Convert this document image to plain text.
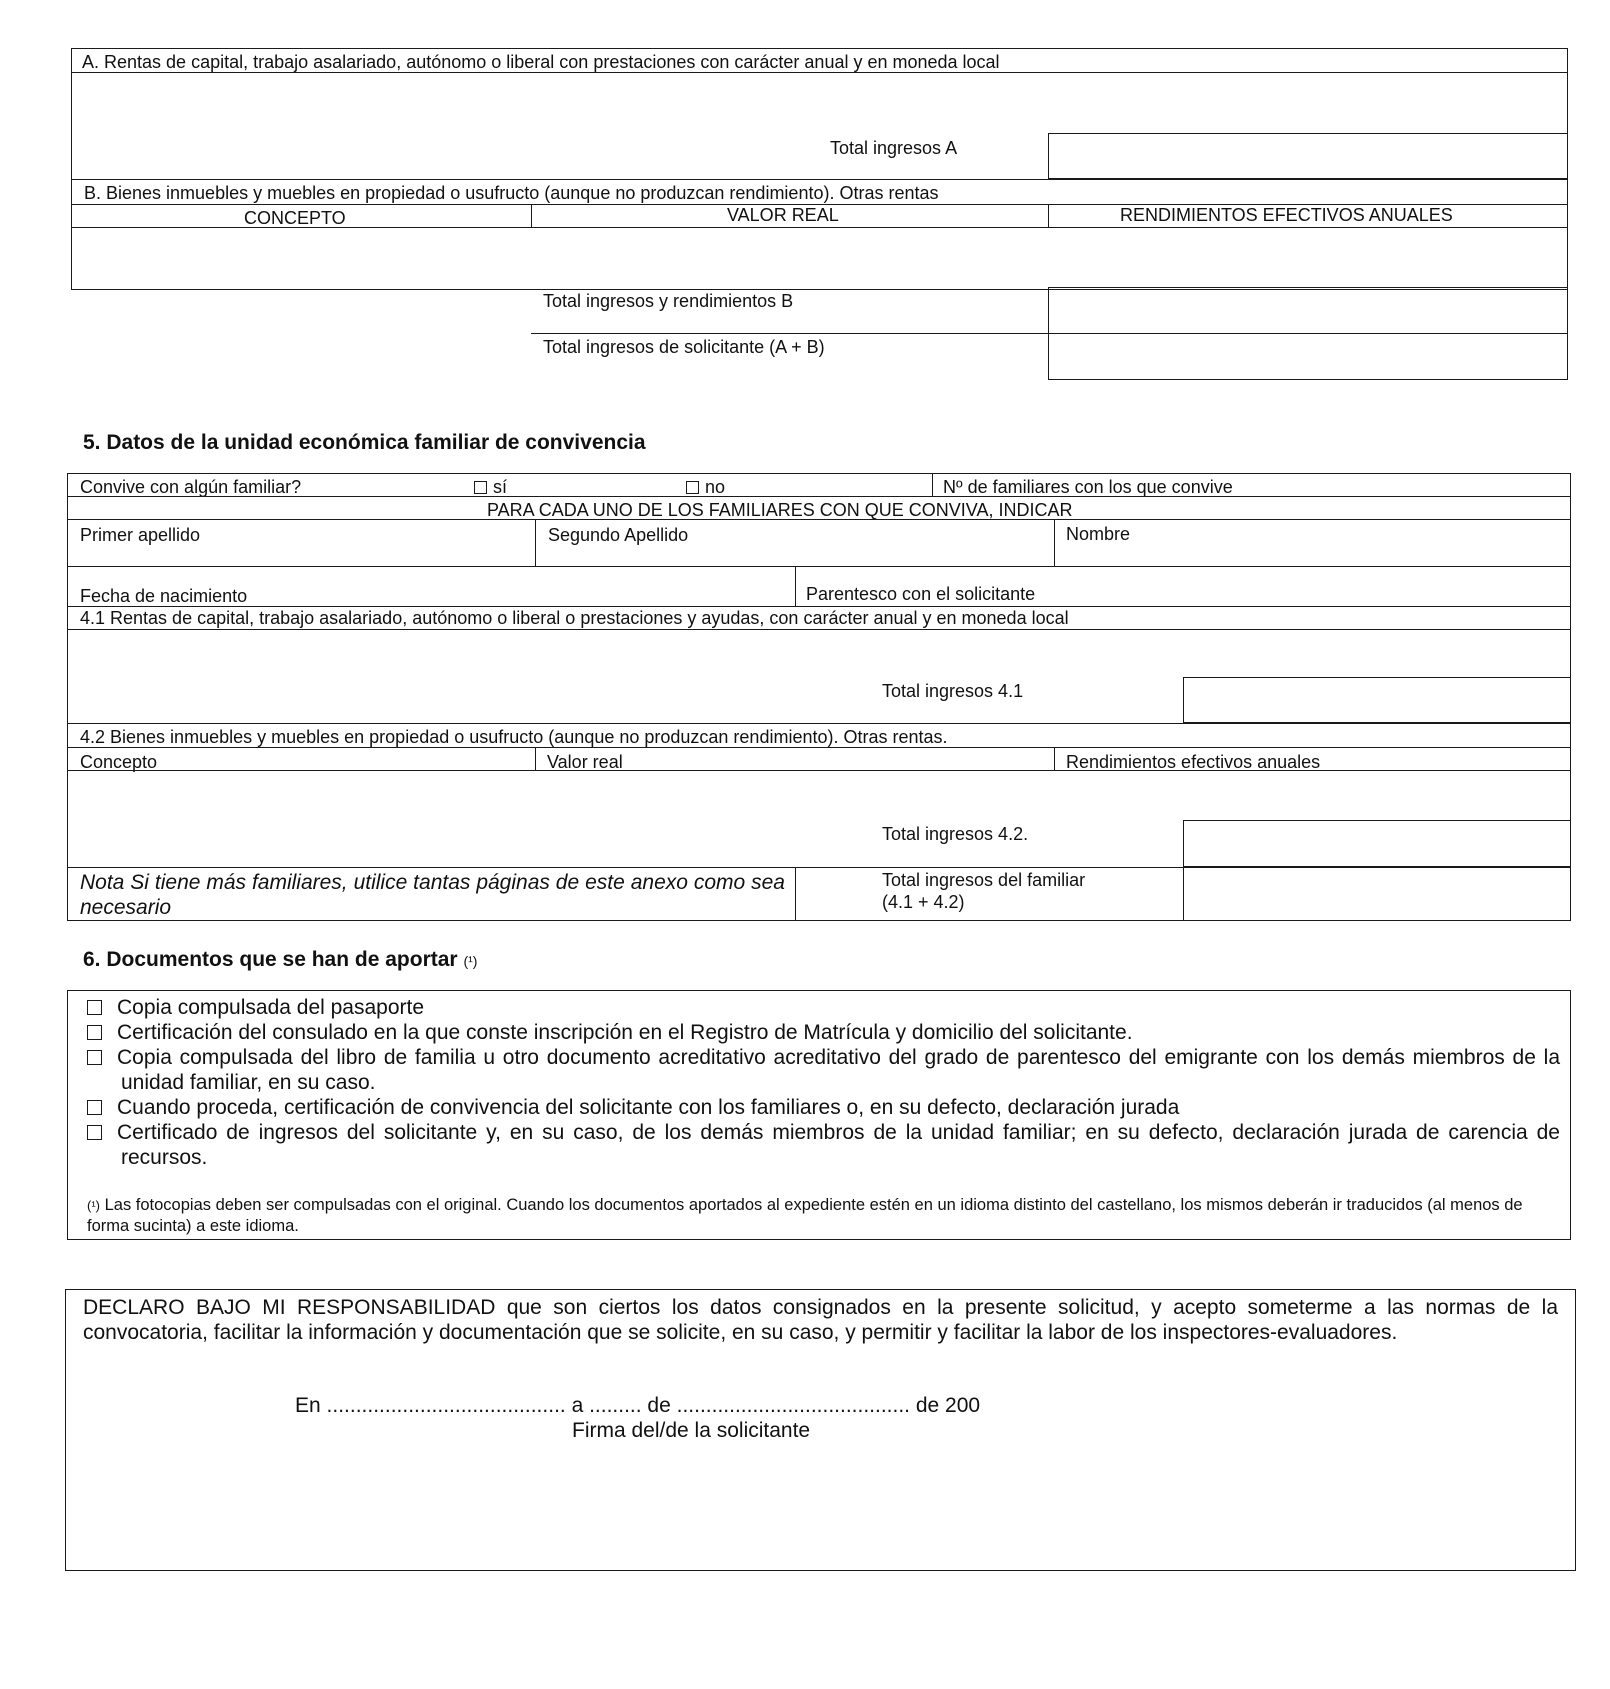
A. Rentas de capital, trabajo asalariado, autónomo o liberal con prestaciones con carácter anual y en moneda local
Total ingresos A
B. Bienes inmuebles y muebles en propiedad o usufructo (aunque no produzcan rendimiento). Otras rentas
CONCEPTO	VALOR REAL	RENDIMIENTOS EFECTIVOS ANUALES
Total ingresos y rendimientos B
Total ingresos de solicitante (A + B)
5. Datos de la unidad económica familiar de convivencia
Convive con algún familiar?	sí	no	Nº de familiares con los que convive
PARA CADA UNO DE LOS FAMILIARES CON QUE CONVIVA, INDICAR
Primer apellido	Segundo Apellido	Nombre
Fecha de nacimiento	Parentesco con el solicitante
4.1 Rentas de capital, trabajo asalariado, autónomo o liberal o prestaciones y ayudas, con carácter anual y en moneda local
Total ingresos 4.1
4.2 Bienes inmuebles y muebles en propiedad o usufructo (aunque no produzcan rendimiento). Otras rentas.
Concepto	Valor real	Rendimientos efectivos anuales
Total ingresos 4.2.
Nota Si tiene más familiares, utilice tantas páginas de este anexo como sea necesario
Total ingresos del familiar
(4.1 + 4.2)
6. Documentos que se han de aportar (¹)
Copia compulsada del pasaporte
Certificación del consulado en la que conste inscripción en el Registro de Matrícula y domicilio del solicitante.
Copia compulsada del libro de familia u otro documento acreditativo acreditativo del grado de parentesco del emigrante con los demás miembros de la unidad familiar, en su caso.
Cuando proceda, certificación de convivencia del solicitante con los familiares o, en su defecto, declaración jurada
Certificado de ingresos del solicitante y, en su caso, de los demás miembros de la unidad familiar; en su defecto, declaración jurada de carencia de recursos.
(¹) Las fotocopias deben ser compulsadas con el original. Cuando los documentos aportados al expediente estén en un idioma distinto del castellano, los mismos deberán ir traducidos (al menos de forma sucinta) a este idioma.
DECLARO BAJO MI RESPONSABILIDAD que son ciertos los datos consignados en la presente solicitud, y acepto someterme a las normas de la convocatoria, facilitar la información y documentación que se solicite, en su caso, y permitir y facilitar la labor de los inspectores-evaluadores.
En ......................................... a ......... de ........................................ de 200
Firma del/de la solicitante
